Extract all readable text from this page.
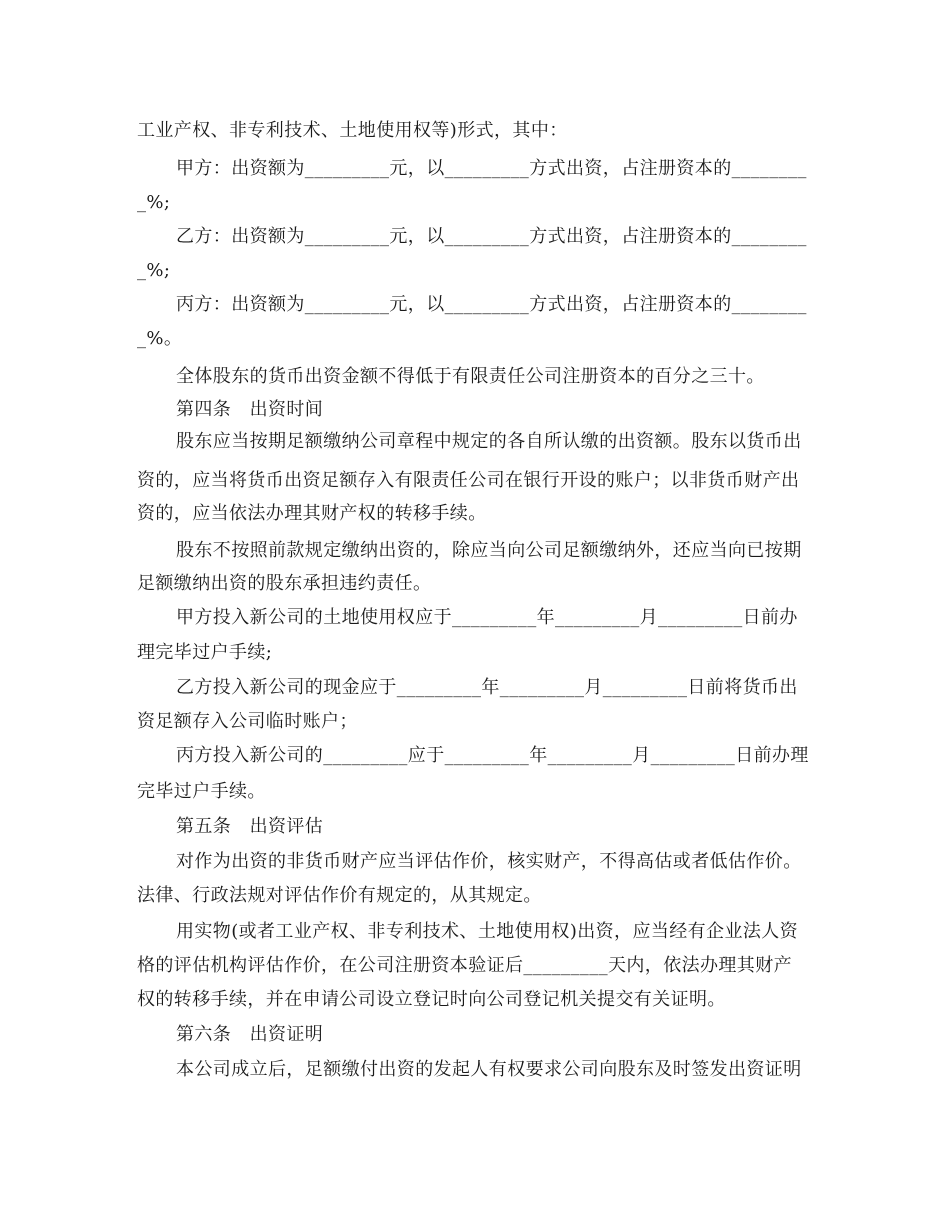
工业产权、非专利技术、土地使用权等)形式，其中：

甲方：出资额为_________元，以_________方式出资，占注册资本的________

_%;

乙方：出资额为_________元，以_________方式出资，占注册资本的________

_%;

丙方：出资额为_________元，以_________方式出资，占注册资本的________

_%。

全体股东的货币出资金额不得低于有限责任公司注册资本的百分之三十。

第四条　出资时间

股东应当按期足额缴纳公司章程中规定的各自所认缴的出资额。股东以货币出

资的，应当将货币出资足额存入有限责任公司在银行开设的账户；以非货币财产出

资的，应当依法办理其财产权的转移手续。

股东不按照前款规定缴纳出资的，除应当向公司足额缴纳外，还应当向已按期

足额缴纳出资的股东承担违约责任。

甲方投入新公司的土地使用权应于_________年_________月_________日前办

理完毕过户手续;

乙方投入新公司的现金应于_________年_________月_________日前将货币出

资足额存入公司临时账户；

丙方投入新公司的_________应于_________年_________月_________日前办理

完毕过户手续。

第五条　出资评估

对作为出资的非货币财产应当评估作价，核实财产，不得高估或者低估作价。

法律、行政法规对评估作价有规定的，从其规定。

用实物(或者工业产权、非专利技术、土地使用权)出资，应当经有企业法人资

格的评估机构评估作价，在公司注册资本验证后_________天内，依法办理其财产

权的转移手续，并在申请公司设立登记时向公司登记机关提交有关证明。

第六条　出资证明

本公司成立后，足额缴付出资的发起人有权要求公司向股东及时签发出资证明
